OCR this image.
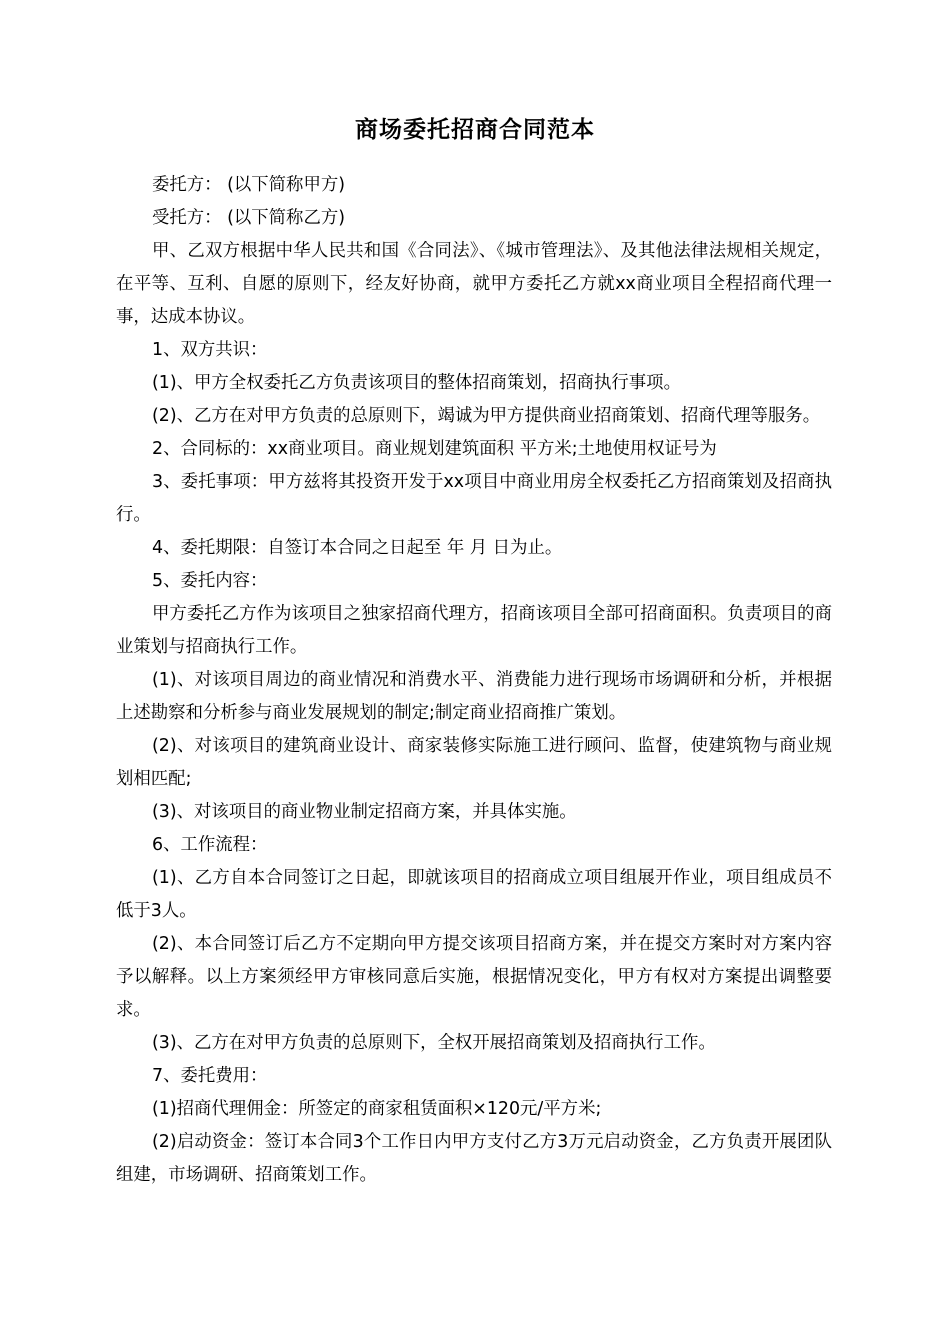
商场委托招商合同范本

委托方： (以下简称甲方)

受托方： (以下简称乙方)

甲、乙双方根据中华人民共和国《合同法》、《城市管理法》、及其他法律法规相关规定，在平等、互利、自愿的原则下，经友好协商，就甲方委托乙方就xx商业项目全程招商代理一事，达成本协议。

1、双方共识：

(1)、甲方全权委托乙方负责该项目的整体招商策划，招商执行事项。

(2)、乙方在对甲方负责的总原则下，竭诚为甲方提供商业招商策划、招商代理等服务。

2、合同标的：xx商业项目。商业规划建筑面积 平方米;土地使用权证号为

3、委托事项：甲方兹将其投资开发于xx项目中商业用房全权委托乙方招商策划及招商执行。

4、委托期限：自签订本合同之日起至 年 月 日为止。

5、委托内容：

甲方委托乙方作为该项目之独家招商代理方，招商该项目全部可招商面积。负责项目的商业策划与招商执行工作。

(1)、对该项目周边的商业情况和消费水平、消费能力进行现场市场调研和分析，并根据上述勘察和分析参与商业发展规划的制定;制定商业招商推广策划。

(2)、对该项目的建筑商业设计、商家装修实际施工进行顾问、监督，使建筑物与商业规划相匹配;

(3)、对该项目的商业物业制定招商方案，并具体实施。

6、工作流程：

(1)、乙方自本合同签订之日起，即就该项目的招商成立项目组展开作业，项目组成员不低于3人。

(2)、本合同签订后乙方不定期向甲方提交该项目招商方案，并在提交方案时对方案内容予以解释。以上方案须经甲方审核同意后实施，根据情况变化，甲方有权对方案提出调整要求。

(3)、乙方在对甲方负责的总原则下，全权开展招商策划及招商执行工作。

7、委托费用：

(1)招商代理佣金：所签定的商家租赁面积×120元/平方米;

(2)启动资金：签订本合同3个工作日内甲方支付乙方3万元启动资金，乙方负责开展团队组建，市场调研、招商策划工作。
